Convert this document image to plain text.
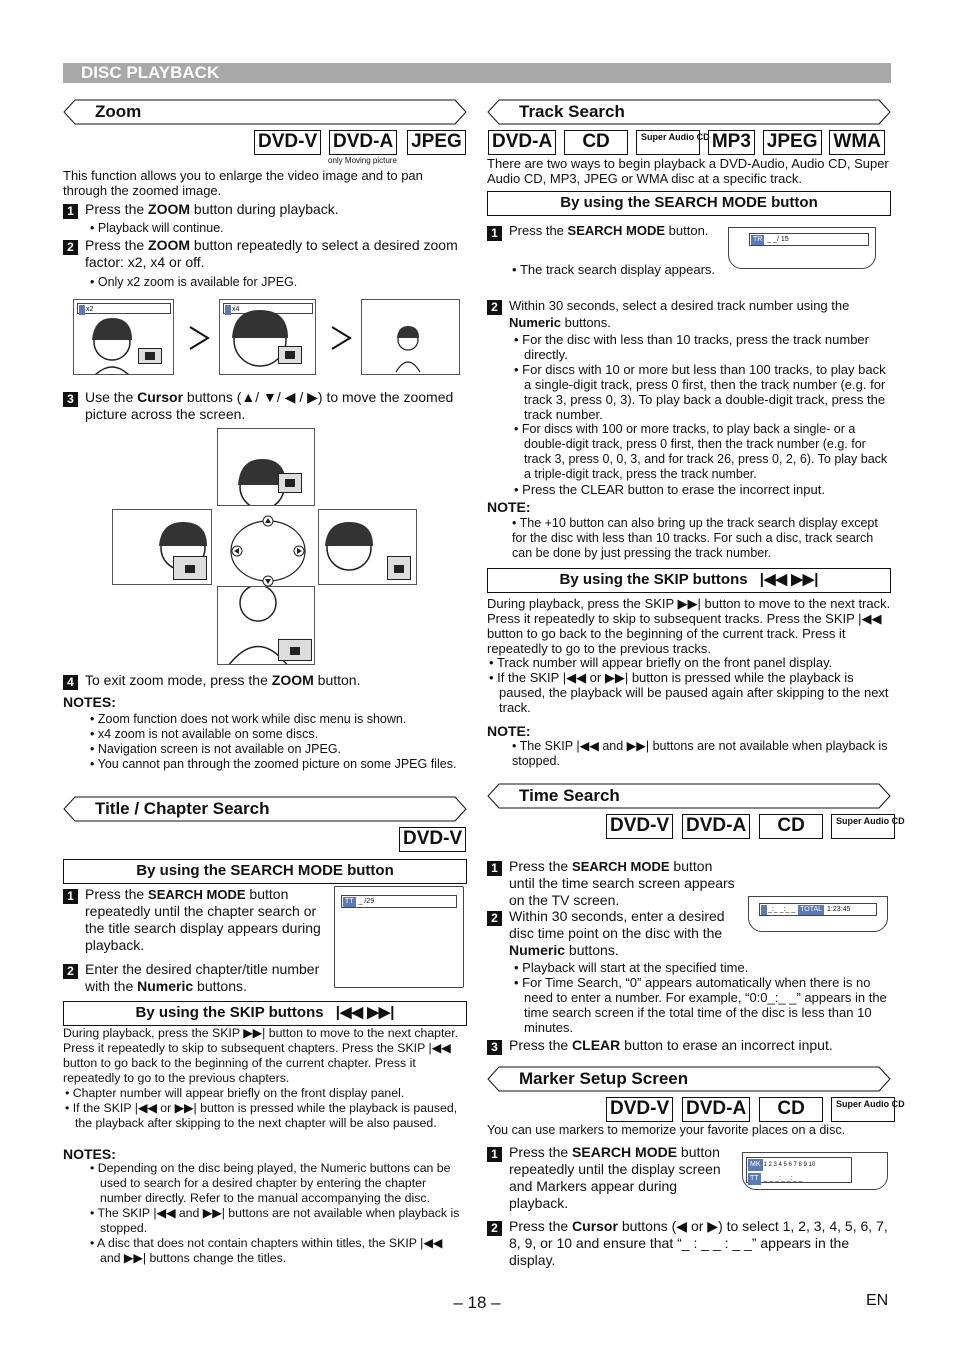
DISC PLAYBACK
Zoom
DVD-V DVD-A JPEG
only Moving picture
This function allows you to enlarge the video image and to pan through the zoomed image.
1 Press the ZOOM button during playback.
• Playback will continue.
2 Press the ZOOM button repeatedly to select a desired zoom factor: x2, x4 or off.
• Only x2 zoom is available for JPEG.
x2	x4
3 Use the Cursor buttons (▲/ ▼/ ◀ / ▶) to move the zoomed picture across the screen.
4 To exit zoom mode, press the ZOOM button.
NOTES:
• Zoom function does not work while disc menu is shown.
• x4 zoom is not available on some discs.
• Navigation screen is not available on JPEG.
• You cannot pan through the zoomed picture on some JPEG files.
Title / Chapter Search
DVD-V
By using the SEARCH MODE button
1 Press the SEARCH MODE button repeatedly until the chapter search or the title search display appears during playback.
TT _ /29
2 Enter the desired chapter/title number with the Numeric buttons.
By using the SKIP buttons |◀◀ ▶▶|
During playback, press the SKIP ▶▶| button to move to the next chapter. Press it repeatedly to skip to subsequent chapters. Press the SKIP |◀◀ button to go back to the beginning of the current chapter. Press it repeatedly to go to the previous chapters.
• Chapter number will appear briefly on the front display panel.
• If the SKIP |◀◀ or ▶▶| button is pressed while the playback is paused, the playback after skipping to the next chapter will be also paused.
NOTES:
• Depending on the disc being played, the Numeric buttons can be used to search for a desired chapter by entering the chapter number directly. Refer to the manual accompanying the disc.
• The SKIP |◀◀ and ▶▶| buttons are not available when playback is stopped.
• A disc that does not contain chapters within titles, the SKIP |◀◀ and ▶▶| buttons change the titles.
Track Search
DVD-A CD	Super Audio CD MP3 JPEG WMA
There are two ways to begin playback a DVD-Audio, Audio CD, Super Audio CD, MP3, JPEG or WMA disc at a specific track.
By using the SEARCH MODE button
1 Press the SEARCH MODE button.
• The track search display appears.
TR _ _/ 15
2 Within 30 seconds, select a desired track number using the Numeric buttons.
• For the disc with less than 10 tracks, press the track number directly.
• For discs with 10 or more but less than 100 tracks, to play back a single-digit track, press 0 first, then the track number (e.g. for track 3, press 0, 3). To play back a double-digit track, press the track number.
• For discs with 100 or more tracks, to play back a single- or a double-digit track, press 0 first, then the track number (e.g. for track 3, press 0, 0, 3, and for track 26, press 0, 2, 6). To play back a triple-digit track, press the track number.
• Press the CLEAR button to erase the incorrect input.
NOTE:
• The +10 button can also bring up the track search display except for the disc with less than 10 tracks. For such a disc, track search can be done by just pressing the track number.
By using the SKIP buttons |◀◀ ▶▶|
During playback, press the SKIP ▶▶| button to move to the next track. Press it repeatedly to skip to subsequent tracks. Press the SKIP |◀◀ button to go back to the beginning of the current track. Press it repeatedly to go to the previous tracks.
• Track number will appear briefly on the front panel display.
• If the SKIP |◀◀ or ▶▶| button is pressed while the playback is paused, the playback will be paused again after skipping to the next track.
NOTE:
• The SKIP |◀◀ and ▶▶| buttons are not available when playback is stopped.
Time Search
DVD-V DVD-A CD	Super Audio CD
1 Press the SEARCH MODE button until the time search screen appears on the TV screen.
_:_ _:_ _ TOTAL 1:23:45
2 Within 30 seconds, enter a desired disc time point on the disc with the Numeric buttons.
• Playback will start at the specified time.
• For Time Search, “0” appears automatically when there is no need to enter a number. For example, “0:0_:_ _” appears in the time search screen if the total time of the disc is less than 10 minutes.
3 Press the CLEAR button to erase an incorrect input.
Marker Setup Screen
DVD-V DVD-A CD	Super Audio CD
You can use markers to memorize your favorite places on a disc.
1 Press the SEARCH MODE button repeatedly until the display screen and Markers appear during playback.
MK 1 2 3 4 5 6 7 8 9 10
TT _ _ _:_ _:_ _
2 Press the Cursor buttons (◀ or ▶) to select 1, 2, 3, 4, 5, 6, 7, 8, 9, or 10 and ensure that “_ : _ _ : _ _” appears in the display.
– 18 –	EN
